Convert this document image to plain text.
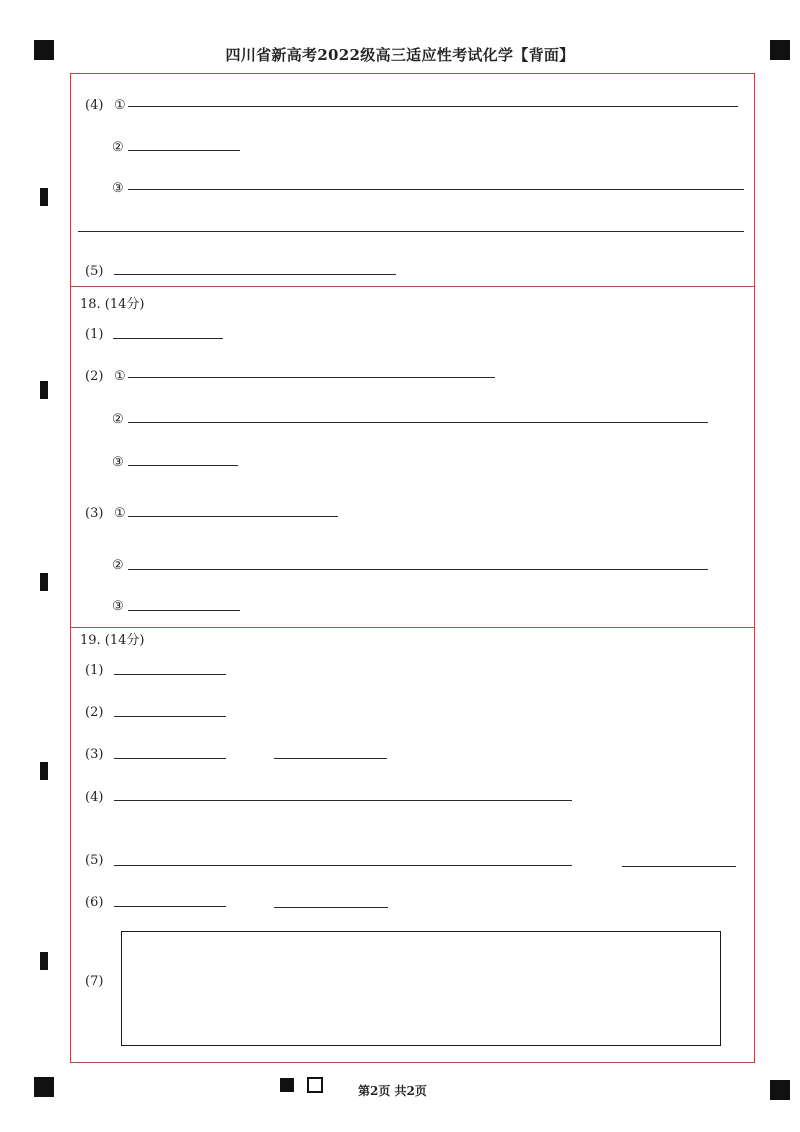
四川省新高考2022级高三适应性考试化学【背面】
(4) ①
②
③
(5)
18. (14分)
(1)
(2) ①
②
③
(3) ①
②
③
19. (14分)
(1)
(2)
(3)
(4)
(5)
(6)
(7)
第2页 共2页
